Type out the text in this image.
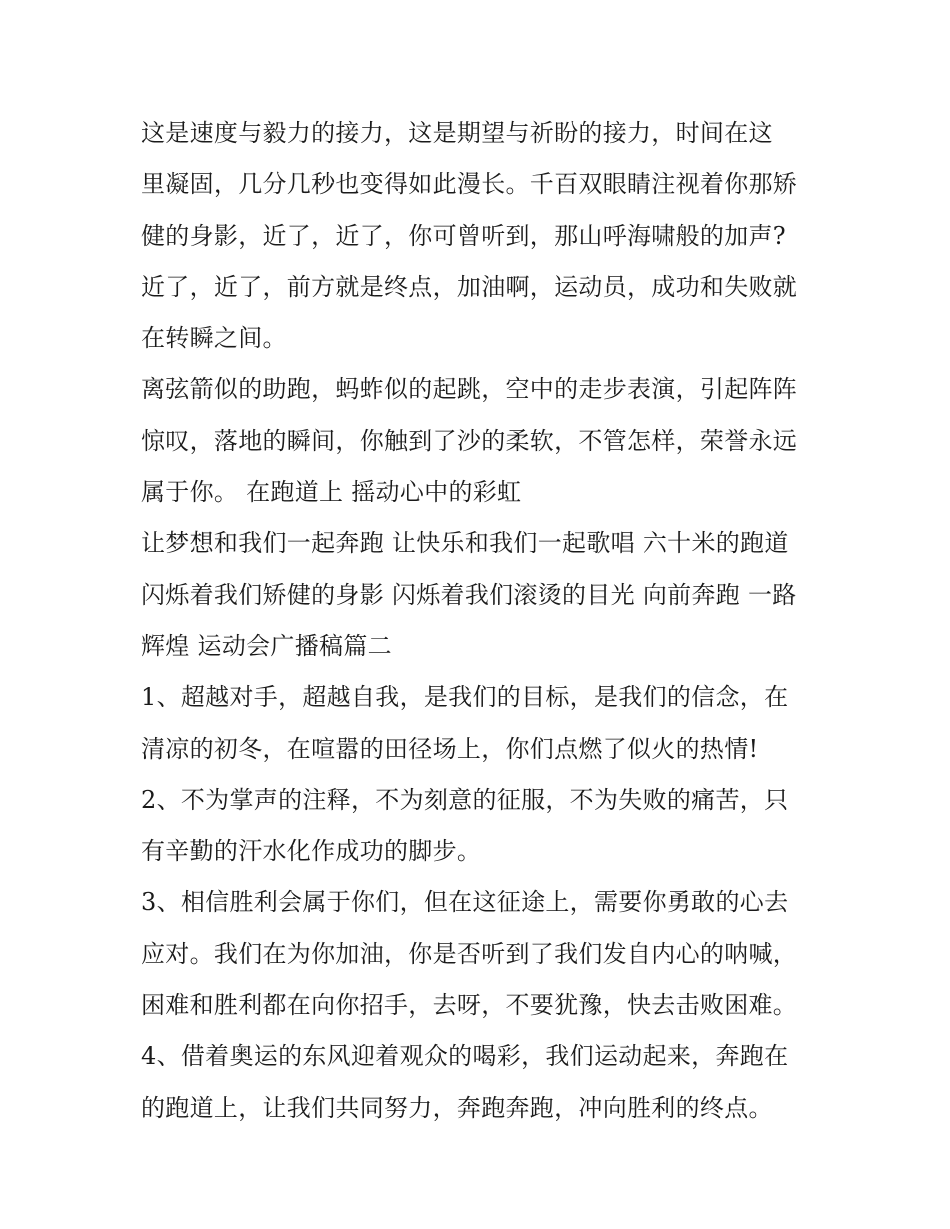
这是速度与毅力的接力，这是期望与祈盼的接力，时间在这
里凝固，几分几秒也变得如此漫长。千百双眼睛注视着你那矫
健的身影，近了，近了，你可曾听到，那山呼海啸般的加声?
近了，近了，前方就是终点，加油啊，运动员，成功和失败就
在转瞬之间。
离弦箭似的助跑，蚂蚱似的起跳，空中的走步表演，引起阵阵
惊叹，落地的瞬间，你触到了沙的柔软，不管怎样，荣誉永远
属于你。 在跑道上 摇动心中的彩虹
让梦想和我们一起奔跑 让快乐和我们一起歌唱 六十米的跑道
闪烁着我们矫健的身影 闪烁着我们滚烫的目光 向前奔跑 一路
辉煌 运动会广播稿篇二
1、超越对手，超越自我，是我们的目标，是我们的信念，在
清凉的初冬，在喧嚣的田径场上，你们点燃了似火的热情!
2、不为掌声的注释，不为刻意的征服，不为失败的痛苦，只
有辛勤的汗水化作成功的脚步。
3、相信胜利会属于你们，但在这征途上，需要你勇敢的心去
应对。我们在为你加油，你是否听到了我们发自内心的呐喊，
困难和胜利都在向你招手，去呀，不要犹豫，快去击败困难。
4、借着奥运的东风迎着观众的喝彩，我们运动起来，奔跑在
的跑道上，让我们共同努力，奔跑奔跑，冲向胜利的终点。
